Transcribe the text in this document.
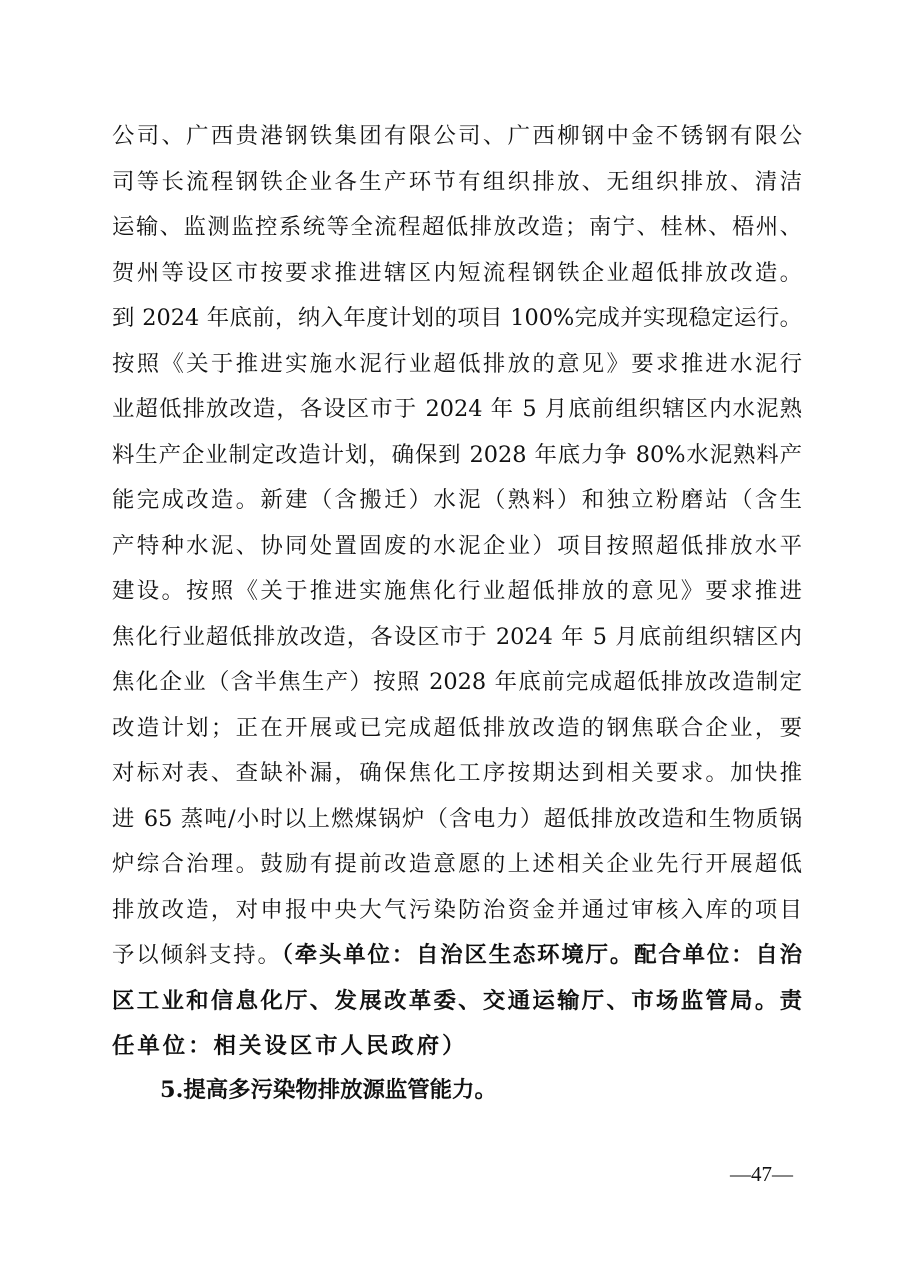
公司、广西贵港钢铁集团有限公司、广西柳钢中金不锈钢有限公
司等长流程钢铁企业各生产环节有组织排放、无组织排放、清洁
运输、监测监控系统等全流程超低排放改造；南宁、桂林、梧州、
贺州等设区市按要求推进辖区内短流程钢铁企业超低排放改造。
到 2024 年底前，纳入年度计划的项目 100%完成并实现稳定运行。
按照《关于推进实施水泥行业超低排放的意见》要求推进水泥行
业超低排放改造，各设区市于 2024 年 5 月底前组织辖区内水泥熟
料生产企业制定改造计划，确保到 2028 年底力争 80%水泥熟料产
能完成改造。新建（含搬迁）水泥（熟料）和独立粉磨站（含生
产特种水泥、协同处置固废的水泥企业）项目按照超低排放水平
建设。按照《关于推进实施焦化行业超低排放的意见》要求推进
焦化行业超低排放改造，各设区市于 2024 年 5 月底前组织辖区内
焦化企业（含半焦生产）按照 2028 年底前完成超低排放改造制定
改造计划；正在开展或已完成超低排放改造的钢焦联合企业，要
对标对表、查缺补漏，确保焦化工序按期达到相关要求。加快推
进 65 蒸吨/小时以上燃煤锅炉（含电力）超低排放改造和生物质锅
炉综合治理。鼓励有提前改造意愿的上述相关企业先行开展超低
排放改造，对申报中央大气污染防治资金并通过审核入库的项目
予以倾斜支持。（牵头单位：自治区生态环境厅。配合单位：自治
区工业和信息化厅、发展改革委、交通运输厅、市场监管局。责
任单位：相关设区市人民政府）
5.提高多污染物排放源监管能力。
—47—
